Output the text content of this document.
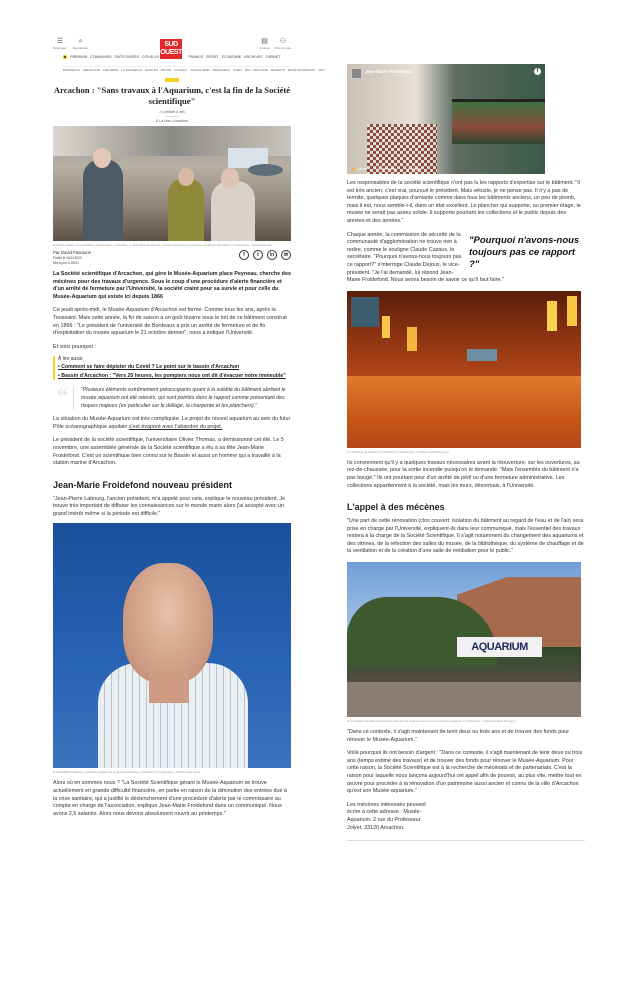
☰
Rubriques
⌕
Rechercher	SUD
OUEST
▤
Journal
⚇
Mon compte
■ PREMIUM COMMUNES FAITS DIVERS COVID-19	FRANCE SPORT ÉCONOMIE ARCHIVES CARNET
BORDEAUX ARCACHON LIBOURNE LA ROCHELLE SAINTES ROYAN COGNAC ANGOULÊME PÉRIGUEUX AGEN PAU BAYONNE BIARRITZ MONT-DE-MARSAN DAX
Arcachon : "Sans travaux à l'Aquarium, c'est la fin de la Société scientifique"
◷ Lecture 4 min
À La Une • Arcachon
◘ Claude Cazaux, vice-président, Claude Dejoux, secrétaire, et Jean-Marie Froidefond, nouveau président de la société scientifique d'Arcachon © Crédit photo : David Patsouris
Par David Patsouris
Publié le 16/11/2020
Mis à jour à 18h11
f	t	in	✉

La Société scientifique d'Arcachon, qui gère le Musée-Aquarium place Peyneau, cherche des mécènes pour des travaux d'urgence. Sous le coup d'une procédure d'alerte financière et d'un arrêté de fermeture par l'Université, la société craint pour sa survie et pour celle du Musée-Aquarium qui existe ici depuis 1866

Ce jeudi après-midi, le Musée-Aquarium d'Arcachon est fermé. Comme tous les ans, après la Toussaint. Mais cette année, la fin de saison a un goût bizarre sous le toit de ce bâtiment construit en 1866 : "Le président de l'université de Bordeaux a pris un arrêté de fermeture et de fin d'exploitation du musée aquarium le 21 octobre dernier", nous a indiqué l'Université.

Et voici pourquoi :

À lire aussi
• Comment se faire dépister du Covid ? Le point sur le bassin d'Arcachon
• Bassin d'Arcachon : "Vers 20 heures, les pompiers nous ont dit d'évacuer notre immeuble"
“	"Plusieurs éléments extrêmement préoccupants quant à la solidité du bâtiment abritant le musée aquarium ont été relevés, qui sont pointés dans le rapport comme présentant des risques majeurs (en particulier sur le dallage, la charpente et les planchers)."

La situation du Musée-Aquarium est très compliquée. Le projet de nouvel aquarium au sein du futur Pôle océanographique aquitain s'est évaporé avec l'abandon du projet.

Le président de la société scientifique, l'universitaire Olivier Thomas, a démissionné cet été. Le 5 novembre, une assemblée générale de la Société scientifique a élu à sa tête Jean-Marie Froidefond. C'est un scientifique bien connu sur le Bassin et aussi un homme qui a travaillé à la station marine d'Arcachon.

Jean-Marie Froidefond nouveau président

"Jean-Pierre Labourg, l'ancien président, m'a appelé pour cela, explique le nouveau président. Je trouve très important de diffuser les connaissances sur le monde marin alors j'ai accepté avec un grand intérêt même si la période est difficile."

◘ Jean-Marie Froidefond, nouveau président de la Société scientifique d'Arcachon © Crédit photo : Archives Sud Ouest

Alors où en sommes nous ? "La Société Scientifique gérant le Musée-Aquarium se trouve actuellement en grande difficulté financière, en partie en raison de la diminution des entrées due à la crise sanitaire, qui a justifié le déclenchement d'une procédure d'alerte par le commissaire au compte en charge de l'association, explique Jean-Marie Froidefond dans un communiqué. Nous avons 2,5 salariés. Alors nous devons absolument rouvrir au printemps."

Jean-Marie Froidefond
Il y a 3 jours
f
👍 J'aime ▪ Commenter ↪ Partager

Les responsables de la société scientifique n'ont pas lu les rapports d'expertise sur le bâtiment. "Il est très ancien, c'est vrai, poursuit le président. Mais vétuste, je ne pense pas. Il n'y a pas de termite, quelques plaques d'amiante comme dans tous les bâtiments anciens, un peu de plomb, mais il est, nous semble-t-il, dans un état excellent. Le plancher qui supporte, au premier étage, le musée ne serait pas assez solide. Il supporte pourtant les collections et le public depuis des années et des années."

"Pourquoi n'avons-nous toujours pas ce rapport ?"

Chaque année, la commission de sécurité de la communauté d'agglomération ne trouve rien à redire, comme le souligne Claude Cazaux, le secrétaire. "Pourquoi n'avons-nous toujours pas ce rapport?" s'interroge Claude Dejoux, le vice-président. "Je l'ai demandé, lui répond Jean-Marie Froidefond. Nous avons besoin de savoir ce qu'il faut faire."

◘ À l'intérieur de l'aquarium d'Arcachon © Crédit photo : Archives Franck Perrogon

Ils conviennent qu'il y a quelques travaux nécessaires avant la réouverture, sur les ouvertures, au rez-de-chaussée, pour la sortie incendie puisqu'on le demande. "Mais l'ensemble du bâtiment n'a pas bougé." Ils ont pourtant peur d'un arrêté de péril ou d'une fermeture administrative. Les collections appartiennent à la société, mais les murs, désormais, à l'Université.

L'appel à des mécènes

"Une part de cette rénovation (clos couvert: isolation du bâtiment au regard de l'eau et de l'air) sera prise en charge par l'Université, expliquent-ils dans leur communiqué, mais l'essentiel des travaux restera à la charge de la Société Scientifique. Il s'agit notamment du changement des aquariums et des vitrines, de la réfection des salles du musée, de la bibliothèque, du système de chauffage et de la ventilation et de la création d'une salle de médiation pour le public."

AQUARIUM
◘ La Société scientifique d'Arcachon cherche des mécènes pour rénover le Musée-Aquarium © Crédit photo : Archives Franck Perrogon

"Dans ce contexte, il s'agit maintenant de tenir deux ou trois ans et de trouver des fonds pour rénover le Musée-Aquarium."

Voilà pourquoi ils ont besoin d'argent : "Dans ce contexte, il s'agit maintenant de tenir deux ou trois ans (temps estimé des travaux) et de trouver des fonds pour rénover le Musée-Aquarium. Pour cette raison, la Société Scientifique est à la recherche de mécénats et de partenariats. C'est la raison pour laquelle nous lançons aujourd'hui cet appel afin de pouvoir, au plus vite, mettre tout en œuvre pour procéder à la rénovation d'un patrimoine aussi ancien et connu de la ville d'Arcachon qu'est son Musée-aquarium."

Les mécènes intéressés peuvent écrire à cette adresse : Musée-Aquarium, 2 rue du Professeur Jolyet, 33120 Arcachon.
